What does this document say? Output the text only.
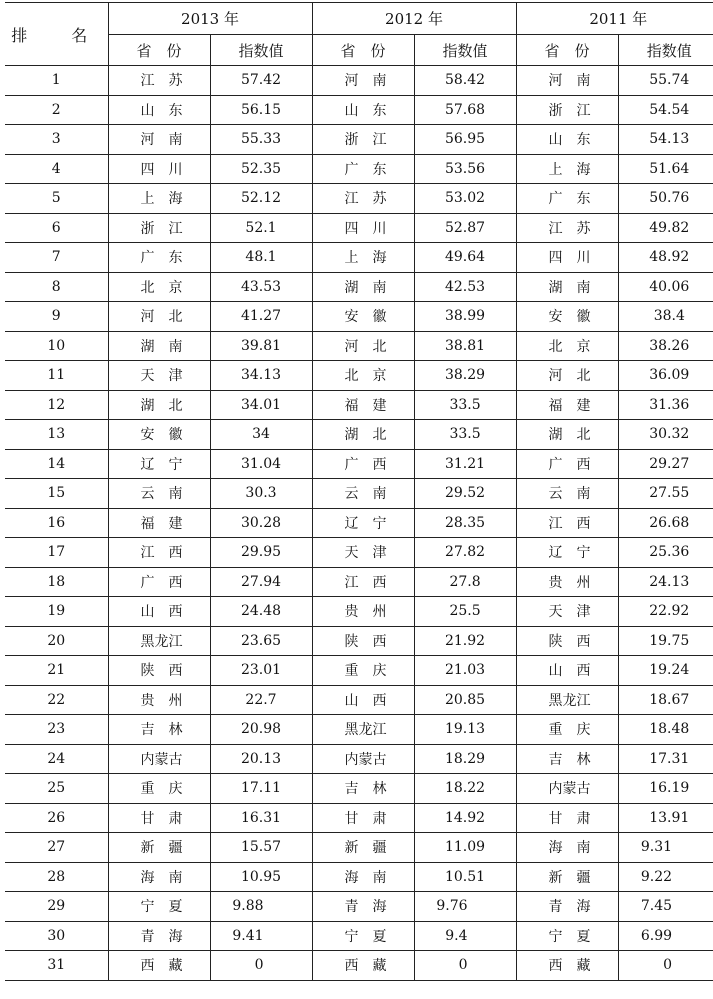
排　名	2013 年		2012 年		2011 年	
	省　份	指数值	省　份	指数值	省　份	指数值
1	江　苏	57.42	河　南	58.42	河　南	55.74
2	山　东	56.15	山　东	57.68	浙　江	54.54
3	河　南	55.33	浙　江	56.95	山　东	54.13
4	四　川	52.35	广　东	53.56	上　海	51.64
5	上　海	52.12	江　苏	53.02	广　东	50.76
6	浙　江	52.1	四　川	52.87	江　苏	49.82
7	广　东	48.1	上　海	49.64	四　川	48.92
8	北　京	43.53	湖　南	42.53	湖　南	40.06
9	河　北	41.27	安　徽	38.99	安　徽	38.4
10	湖　南	39.81	河　北	38.81	北　京	38.26
11	天　津	34.13	北　京	38.29	河　北	36.09
12	湖　北	34.01	福　建	33.5	福　建	31.36
13	安　徽	34	湖　北	33.5	湖　北	30.32
14	辽　宁	31.04	广　西	31.21	广　西	29.27
15	云　南	30.3	云　南	29.52	云　南	27.55
16	福　建	30.28	辽　宁	28.35	江　西	26.68
17	江　西	29.95	天　津	27.82	辽　宁	25.36
18	广　西	27.94	江　西	27.8	贵　州	24.13
19	山　西	24.48	贵　州	25.5	天　津	22.92
20	黑龙江	23.65	陕　西	21.92	陕　西	19.75
21	陕　西	23.01	重　庆	21.03	山　西	19.24
22	贵　州	22.7	山　西	20.85	黑龙江	18.67
23	吉　林	20.98	黑龙江	19.13	重　庆	18.48
24	内蒙古	20.13	内蒙古	18.29	吉　林	17.31
25	重　庆	17.11	吉　林	18.22	内蒙古	16.19
26	甘　肃	16.31	甘　肃	14.92	甘　肃	13.91
27	新　疆	15.57	新　疆	11.09	海　南	9.31
28	海　南	10.95	海　南	10.51	新　疆	9.22
29	宁　夏	9.88	青　海	9.76	青　海	7.45
30	青　海	9.41	宁　夏	9.4	宁　夏	6.99
31	西　藏	0	西　藏	0	西　藏	0
